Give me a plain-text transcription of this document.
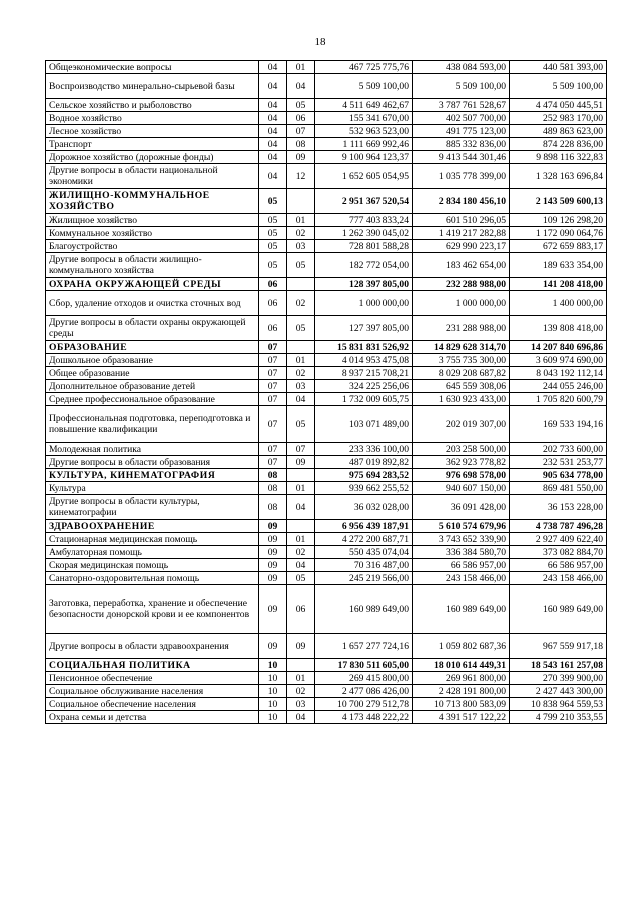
18
Общеэкономические вопросы	04	01	467 725 775,76	438 084 593,00	440 581 393,00
Воспроизводство минерально-сырьевой базы	04	04	5 509 100,00	5 509 100,00	5 509 100,00
Сельское хозяйство и рыболовство	04	05	4 511 649 462,67	3 787 761 528,67	4 474 050 445,51
Водное хозяйство	04	06	155 341 670,00	402 507 700,00	252 983 170,00
Лесное хозяйство	04	07	532 963 523,00	491 775 123,00	489 863 623,00
Транспорт	04	08	1 111 669 992,46	885 332 836,00	874 228 836,00
Дорожное хозяйство (дорожные фонды)	04	09	9 100 964 123,37	9 413 544 301,46	9 898 116 322,83
Другие вопросы в области национальной экономики	04	12	1 652 605 054,95	1 035 778 399,00	1 328 163 696,84
ЖИЛИЩНО-КОММУНАЛЬНОЕ ХОЗЯЙСТВО	05		2 951 367 520,54	2 834 180 456,10	2 143 509 600,13
Жилищное хозяйство	05	01	777 403 833,24	601 510 296,05	109 126 298,20
Коммунальное хозяйство	05	02	1 262 390 045,02	1 419 217 282,88	1 172 090 064,76
Благоустройство	05	03	728 801 588,28	629 990 223,17	672 659 883,17
Другие вопросы в области жилищно-коммунального хозяйства	05	05	182 772 054,00	183 462 654,00	189 633 354,00
ОХРАНА ОКРУЖАЮЩЕЙ СРЕДЫ	06		128 397 805,00	232 288 988,00	141 208 418,00
Сбор, удаление отходов и очистка сточных вод	06	02	1 000 000,00	1 000 000,00	1 400 000,00
Другие вопросы в области охраны окружающей среды	06	05	127 397 805,00	231 288 988,00	139 808 418,00
ОБРАЗОВАНИЕ	07		15 831 831 526,92	14 829 628 314,70	14 207 840 696,86
Дошкольное образование	07	01	4 014 953 475,08	3 755 735 300,00	3 609 974 690,00
Общее образование	07	02	8 937 215 708,21	8 029 208 687,82	8 043 192 112,14
Дополнительное образование детей	07	03	324 225 256,06	645 559 308,06	244 055 246,00
Среднее профессиональное образование	07	04	1 732 009 605,75	1 630 923 433,00	1 705 820 600,79
Профессиональная подготовка, переподготовка и повышение квалификации	07	05	103 071 489,00	202 019 307,00	169 533 194,16
Молодежная политика	07	07	233 336 100,00	203 258 500,00	202 733 600,00
Другие вопросы в области образования	07	09	487 019 892,82	362 923 778,82	232 531 253,77
КУЛЬТУРА, КИНЕМАТОГРАФИЯ	08		975 694 283,52	976 698 578,00	905 634 778,00
Культура	08	01	939 662 255,52	940 607 150,00	869 481 550,00
Другие вопросы в области культуры, кинематографии	08	04	36 032 028,00	36 091 428,00	36 153 228,00
ЗДРАВООХРАНЕНИЕ	09		6 956 439 187,91	5 610 574 679,96	4 738 787 496,28
Стационарная медицинская помощь	09	01	4 272 200 687,71	3 743 652 339,90	2 927 409 622,40
Амбулаторная помощь	09	02	550 435 074,04	336 384 580,70	373 082 884,70
Скорая медицинская помощь	09	04	70 316 487,00	66 586 957,00	66 586 957,00
Санаторно-оздоровительная помощь	09	05	245 219 566,00	243 158 466,00	243 158 466,00
Заготовка, переработка, хранение и обеспечение безопасности донорской крови и ее компонентов	09	06	160 989 649,00	160 989 649,00	160 989 649,00
Другие вопросы в области здравоохранения	09	09	1 657 277 724,16	1 059 802 687,36	967 559 917,18
СОЦИАЛЬНАЯ ПОЛИТИКА	10		17 830 511 605,00	18 010 614 449,31	18 543 161 257,08
Пенсионное обеспечение	10	01	269 415 800,00	269 961 800,00	270 399 900,00
Социальное обслуживание населения	10	02	2 477 086 426,00	2 428 191 800,00	2 427 443 300,00
Социальное обеспечение населения	10	03	10 700 279 512,78	10 713 800 583,09	10 838 964 559,53
Охрана семьи и детства	10	04	4 173 448 222,22	4 391 517 122,22	4 799 210 353,55
